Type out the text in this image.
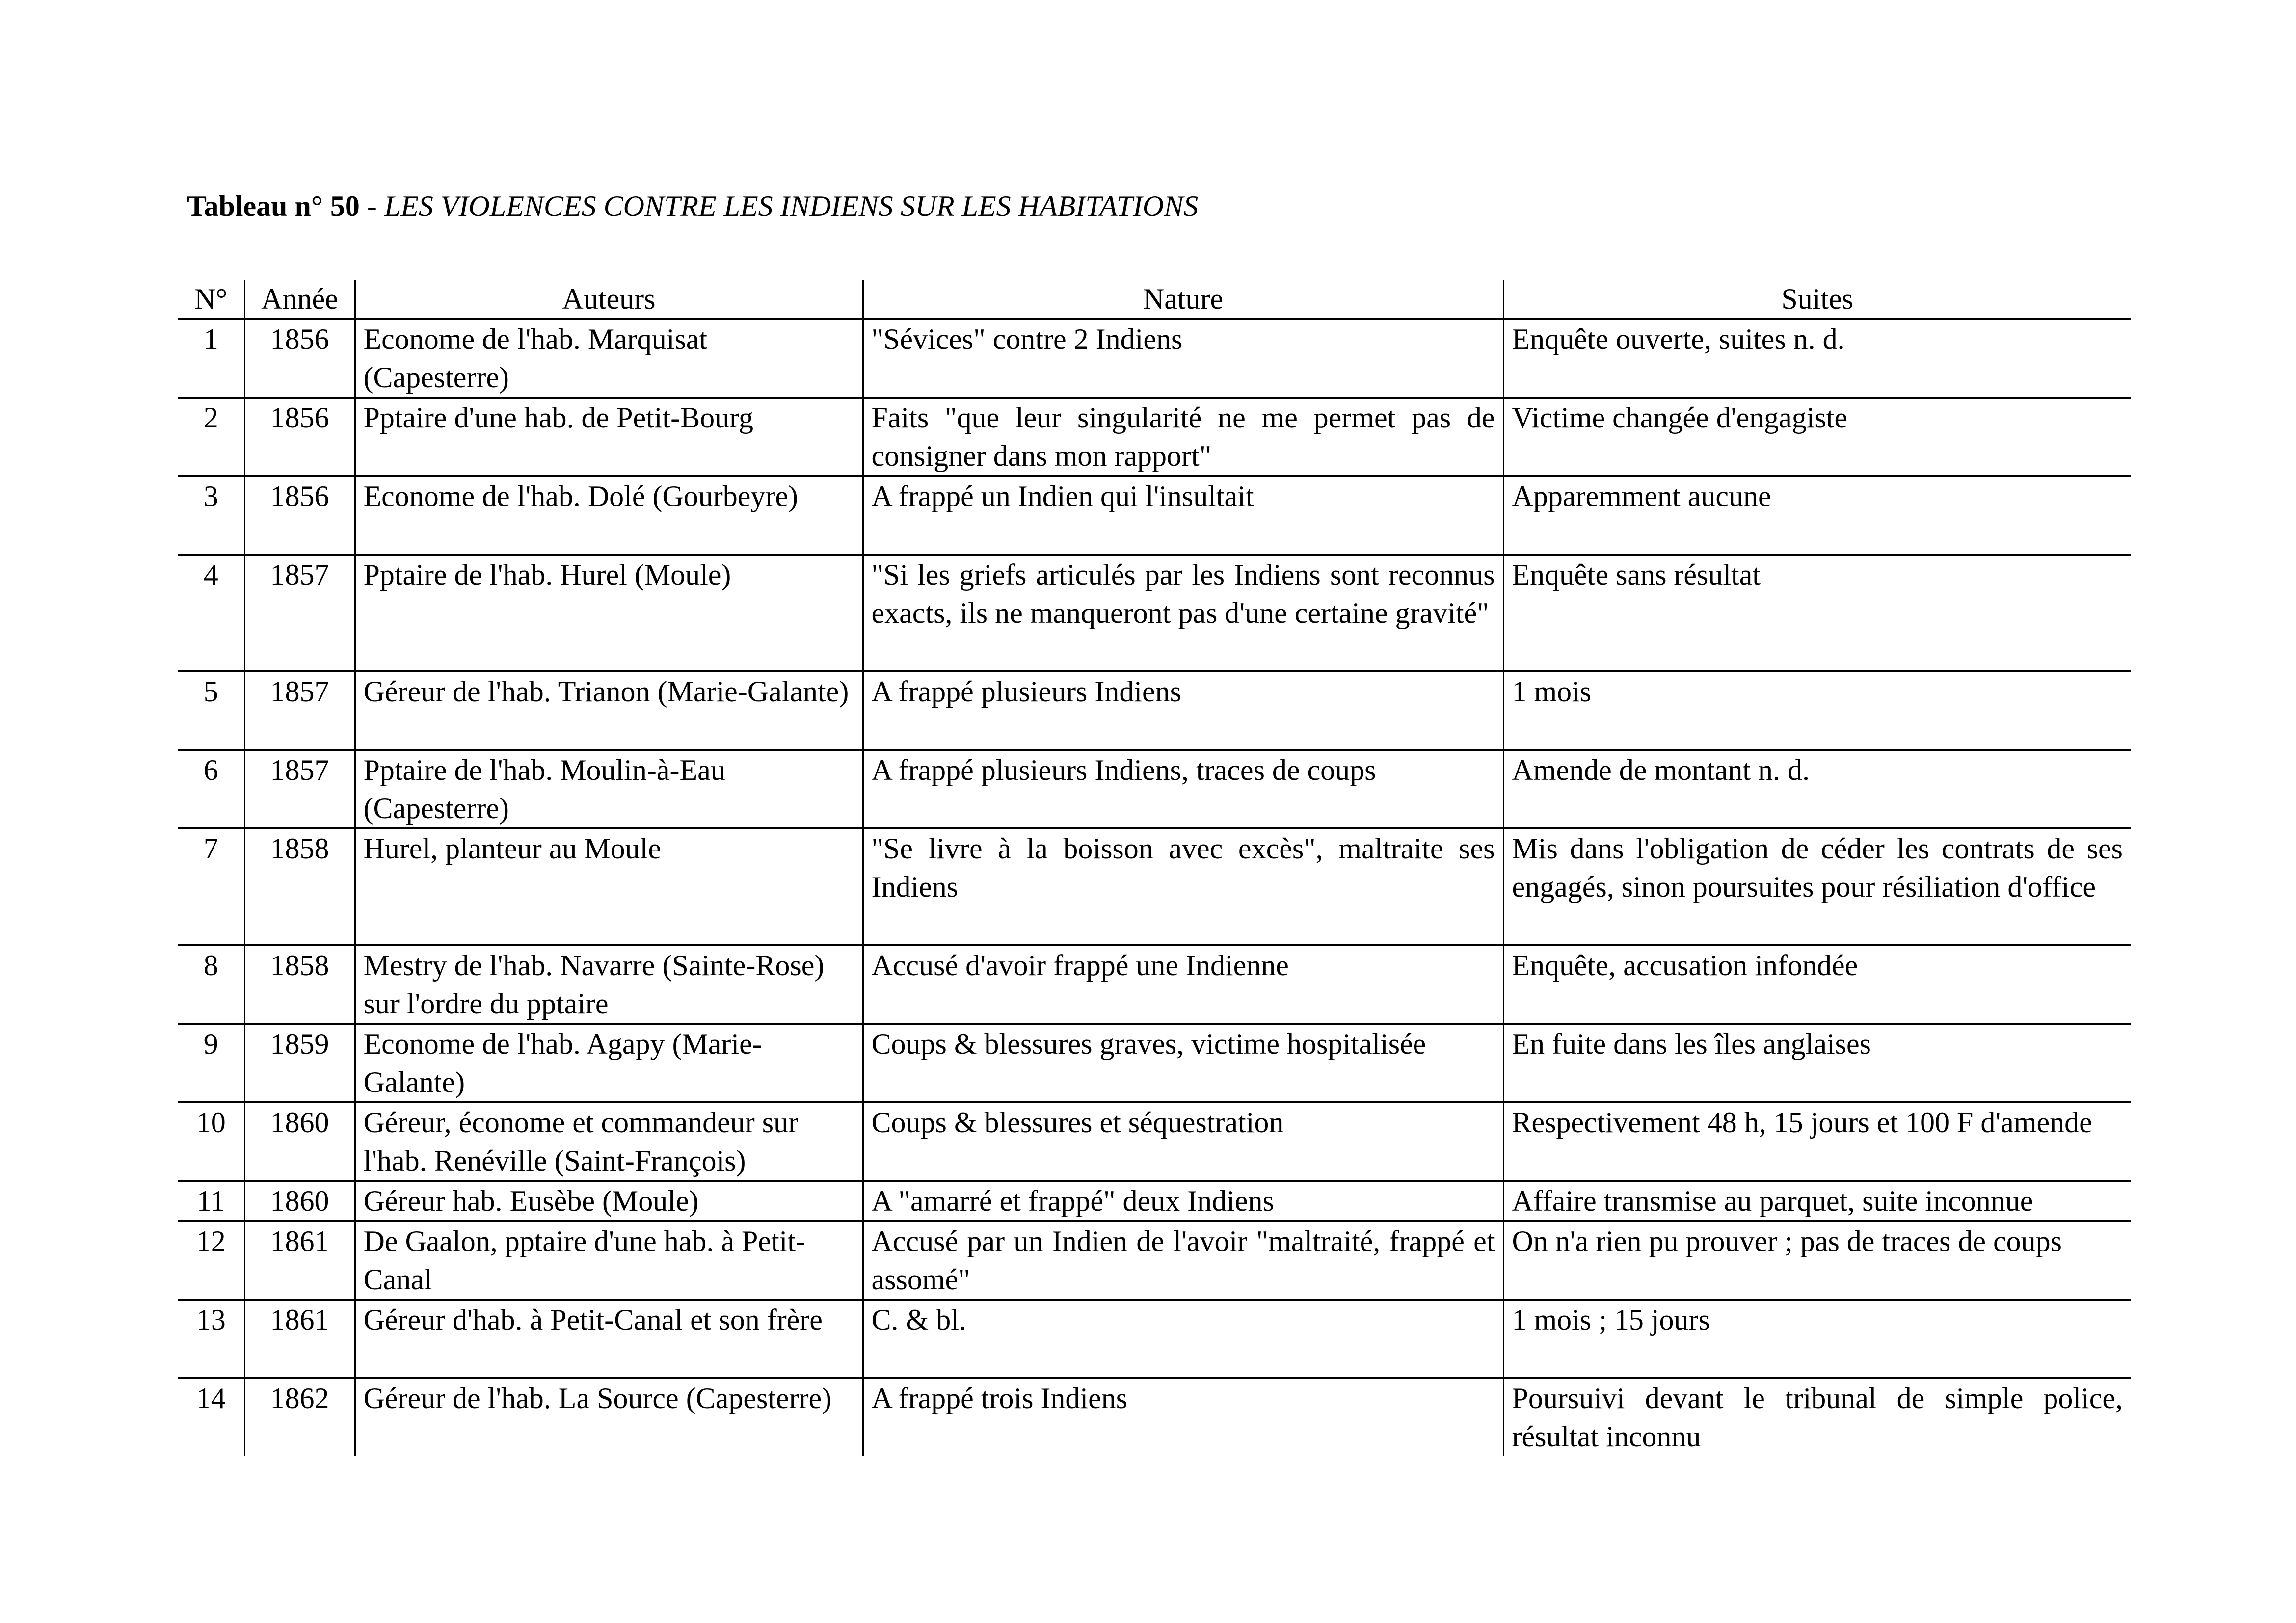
Tableau n° 50 - LES VIOLENCES CONTRE LES INDIENS SUR LES HABITATIONS
N°	Année	Auteurs	Nature	Suites
1	1856	Econome de l'hab. Marquisat (Capesterre)	"Sévices" contre 2 Indiens	Enquête ouverte, suites n. d.
2	1856	Pptaire d'une hab. de Petit-Bourg	Faits "que leur singularité ne me permet pas de consigner dans mon rapport"	Victime changée d'engagiste
3	1856	Econome de l'hab. Dolé (Gourbeyre)	A frappé un Indien qui l'insultait	Apparemment aucune
4	1857	Pptaire de l'hab. Hurel (Moule)	"Si les griefs articulés par les Indiens sont reconnus exacts, ils ne manqueront pas d'une certaine gravité"	Enquête sans résultat
5	1857	Géreur de l'hab. Trianon (Marie-Galante)	A frappé plusieurs Indiens	1 mois
6	1857	Pptaire de l'hab. Moulin-à-Eau (Capesterre)	A frappé plusieurs Indiens, traces de coups	Amende de montant n. d.
7	1858	Hurel, planteur au Moule	"Se livre à la boisson avec excès", maltraite ses Indiens	Mis dans l'obligation de céder les contrats de ses engagés, sinon poursuites pour résiliation d'office
8	1858	Mestry de l'hab. Navarre (Sainte-Rose) sur l'ordre du pptaire	Accusé d'avoir frappé une Indienne	Enquête, accusation infondée
9	1859	Econome de l'hab. Agapy (Marie-Galante)	Coups & blessures graves, victime hospitalisée	En fuite dans les îles anglaises
10	1860	Géreur, économe et commandeur sur l'hab. Renéville (Saint-François)	Coups & blessures et séquestration	Respectivement 48 h, 15 jours et 100 F d'amende
11	1860	Géreur hab. Eusèbe (Moule)	A "amarré et frappé" deux Indiens	Affaire transmise au parquet, suite inconnue
12	1861	De Gaalon, pptaire d'une hab. à Petit-Canal	Accusé par un Indien de l'avoir "maltraité, frappé et assomé"	On n'a rien pu prouver ; pas de traces de coups
13	1861	Géreur d'hab. à Petit-Canal et son frère	C. & bl.	1 mois ; 15 jours
14	1862	Géreur de l'hab. La Source (Capesterre)	A frappé trois Indiens	Poursuivi devant le tribunal de simple police, résultat inconnu
